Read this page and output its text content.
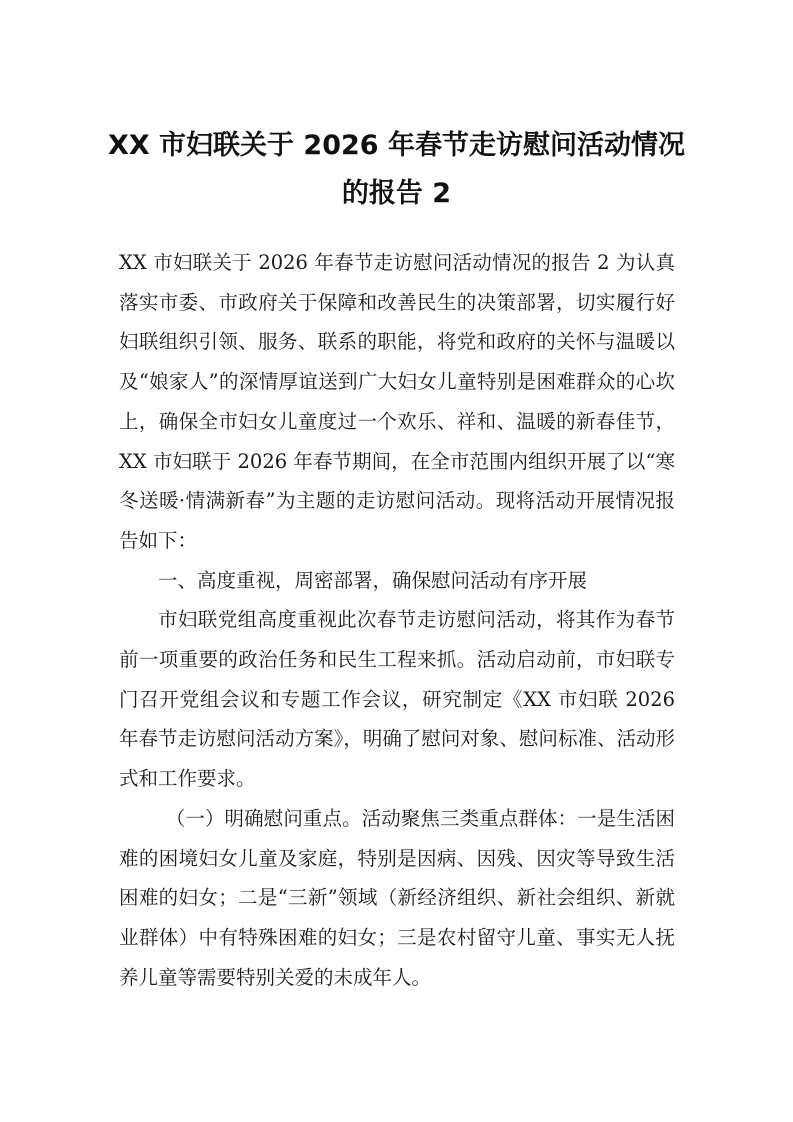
XX 市妇联关于 2026 年春节走访慰问活动情况的报告 2

XX 市妇联关于 2026 年春节走访慰问活动情况的报告 2 为认真落实市委、市政府关于保障和改善民生的决策部署，切实履行好妇联组织引领、服务、联系的职能，将党和政府的关怀与温暖以及“娘家人”的深情厚谊送到广大妇女儿童特别是困难群众的心坎上，确保全市妇女儿童度过一个欢乐、祥和、温暖的新春佳节，XX 市妇联于 2026 年春节期间，在全市范围内组织开展了以“寒冬送暖·情满新春”为主题的走访慰问活动。现将活动开展情况报告如下：

一、高度重视，周密部署，确保慰问活动有序开展

市妇联党组高度重视此次春节走访慰问活动，将其作为春节前一项重要的政治任务和民生工程来抓。活动启动前，市妇联专门召开党组会议和专题工作会议，研究制定《XX 市妇联 2026 年春节走访慰问活动方案》，明确了慰问对象、慰问标准、活动形式和工作要求。

（一）明确慰问重点。活动聚焦三类重点群体：一是生活困难的困境妇女儿童及家庭，特别是因病、因残、因灾等导致生活困难的妇女；二是“三新”领域（新经济组织、新社会组织、新就业群体）中有特殊困难的妇女；三是农村留守儿童、事实无人抚养儿童等需要特别关爱的未成年人。
